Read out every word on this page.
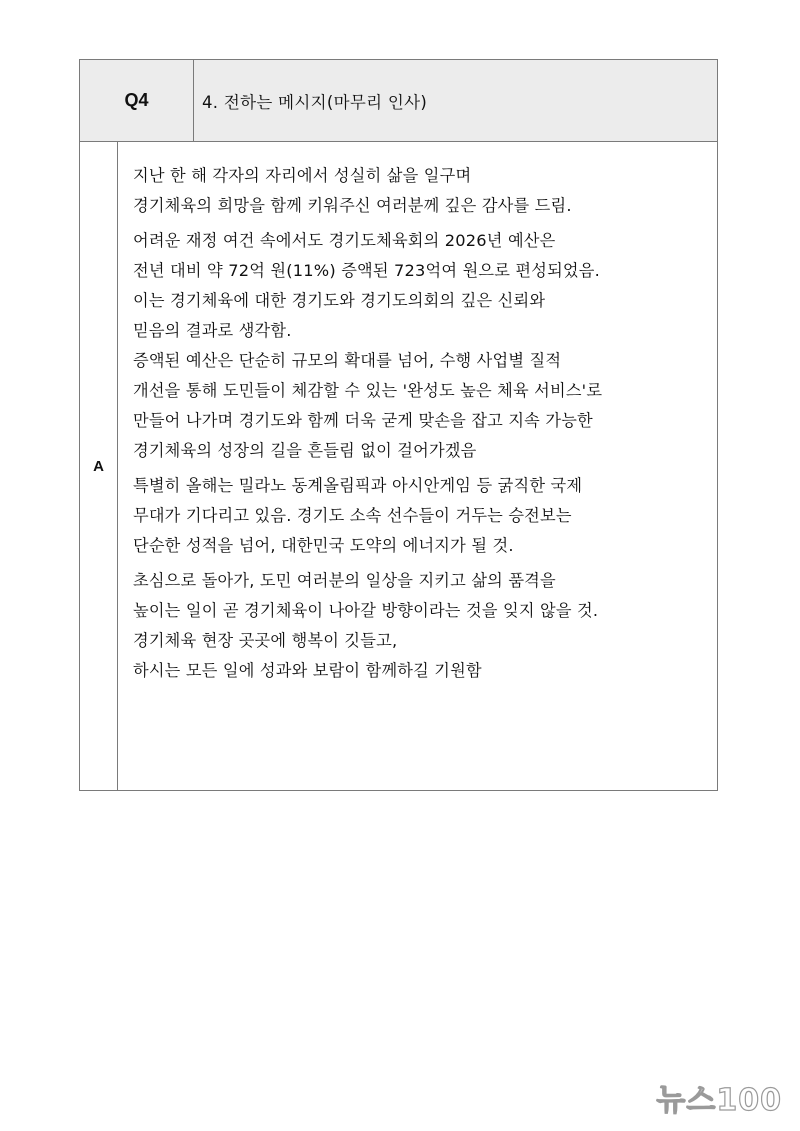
Q4	4. 전하는 메시지(마무리 인사)
A
지난 한 해 각자의 자리에서 성실히 삶을 일구며
경기체육의 희망을 함께 키워주신 여러분께 깊은 감사를 드림.
어려운 재정 여건 속에서도 경기도체육회의 2026년 예산은
전년 대비 약 72억 원(11%) 증액된 723억여 원으로 편성되었음.
이는 경기체육에 대한 경기도와 경기도의회의 깊은 신뢰와
믿음의 결과로 생각함.
증액된 예산은 단순히 규모의 확대를 넘어, 수행 사업별 질적
개선을 통해 도민들이 체감할 수 있는 '완성도 높은 체육 서비스'로
만들어 나가며 경기도와 함께 더욱 굳게 맞손을 잡고 지속 가능한
경기체육의 성장의 길을 흔들림 없이 걸어가겠음
특별히 올해는 밀라노 동계올림픽과 아시안게임 등 굵직한 국제
무대가 기다리고 있음. 경기도 소속 선수들이 거두는 승전보는
단순한 성적을 넘어, 대한민국 도약의 에너지가 될 것.
초심으로 돌아가, 도민 여러분의 일상을 지키고 삶의 품격을
높이는 일이 곧 경기체육이 나아갈 방향이라는 것을 잊지 않을 것.
경기체육 현장 곳곳에 행복이 깃들고,
하시는 모든 일에 성과와 보람이 함께하길 기원함
뉴스100
